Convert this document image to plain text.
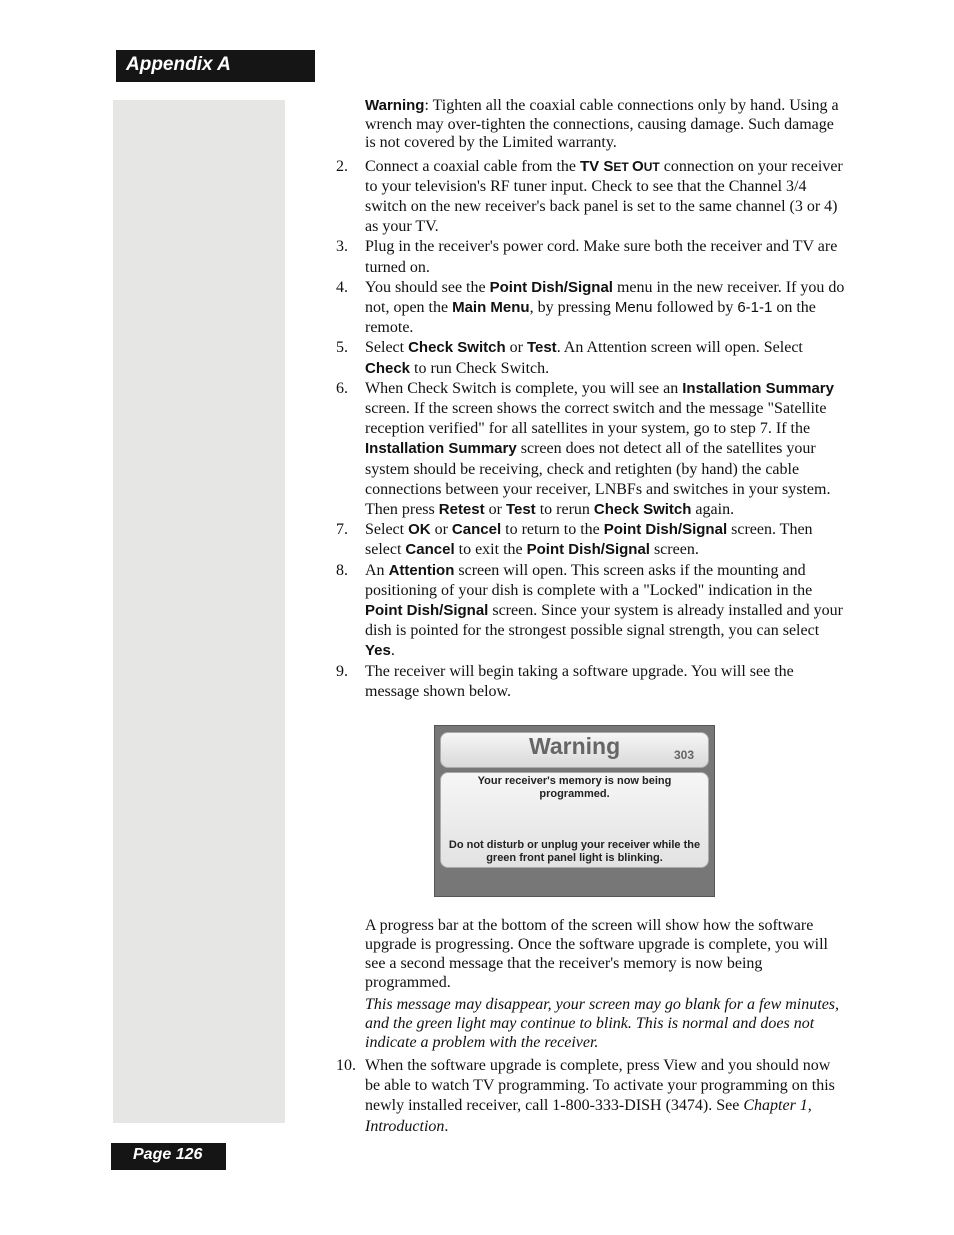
Appendix A

Warning: Tighten all the coaxial cable connections only by hand. Using a wrench may over-tighten the connections, causing damage. Such damage is not covered by the Limited warranty.

2.	Connect a coaxial cable from the TV SET OUT connection on your receiver to your television's RF tuner input. Check to see that the Channel 3/4 switch on the new receiver's back panel is set to the same channel (3 or 4) as your TV.
3.	Plug in the receiver's power cord. Make sure both the receiver and TV are turned on.
4.	You should see the Point Dish/Signal menu in the new receiver. If you do not, open the Main Menu, by pressing Menu followed by 6-1-1 on the remote.
5.	Select Check Switch or Test. An Attention screen will open. Select Check to run Check Switch.
6.	When Check Switch is complete, you will see an Installation Summary screen. If the screen shows the correct switch and the message "Satellite reception verified" for all satellites in your system, go to step 7. If the Installation Summary screen does not detect all of the satellites your system should be receiving, check and retighten (by hand) the cable connections between your receiver, LNBFs and switches in your system. Then press Retest or Test to rerun Check Switch again.
7.	Select OK or Cancel to return to the Point Dish/Signal screen. Then select Cancel to exit the Point Dish/Signal screen.
8.	An Attention screen will open. This screen asks if the mounting and positioning of your dish is complete with a "Locked" indication in the Point Dish/Signal screen. Since your system is already installed and your dish is pointed for the strongest possible signal strength, you can select Yes.
9.	The receiver will begin taking a software upgrade. You will see the message shown below.
Warning	303
Your receiver's memory is now being programmed.
Do not disturb or unplug your receiver while the green front panel light is blinking.

A progress bar at the bottom of the screen will show how the software upgrade is progressing. Once the software upgrade is complete, you will see a second message that the receiver's memory is now being programmed.

This message may disappear, your screen may go blank for a few minutes, and the green light may continue to blink. This is normal and does not indicate a problem with the receiver.

10. When the software upgrade is complete, press View and you should now be able to watch TV programming. To activate your programming on this newly installed receiver, call 1-800-333-DISH (3474). See Chapter 1, Introduction.
Page 126
